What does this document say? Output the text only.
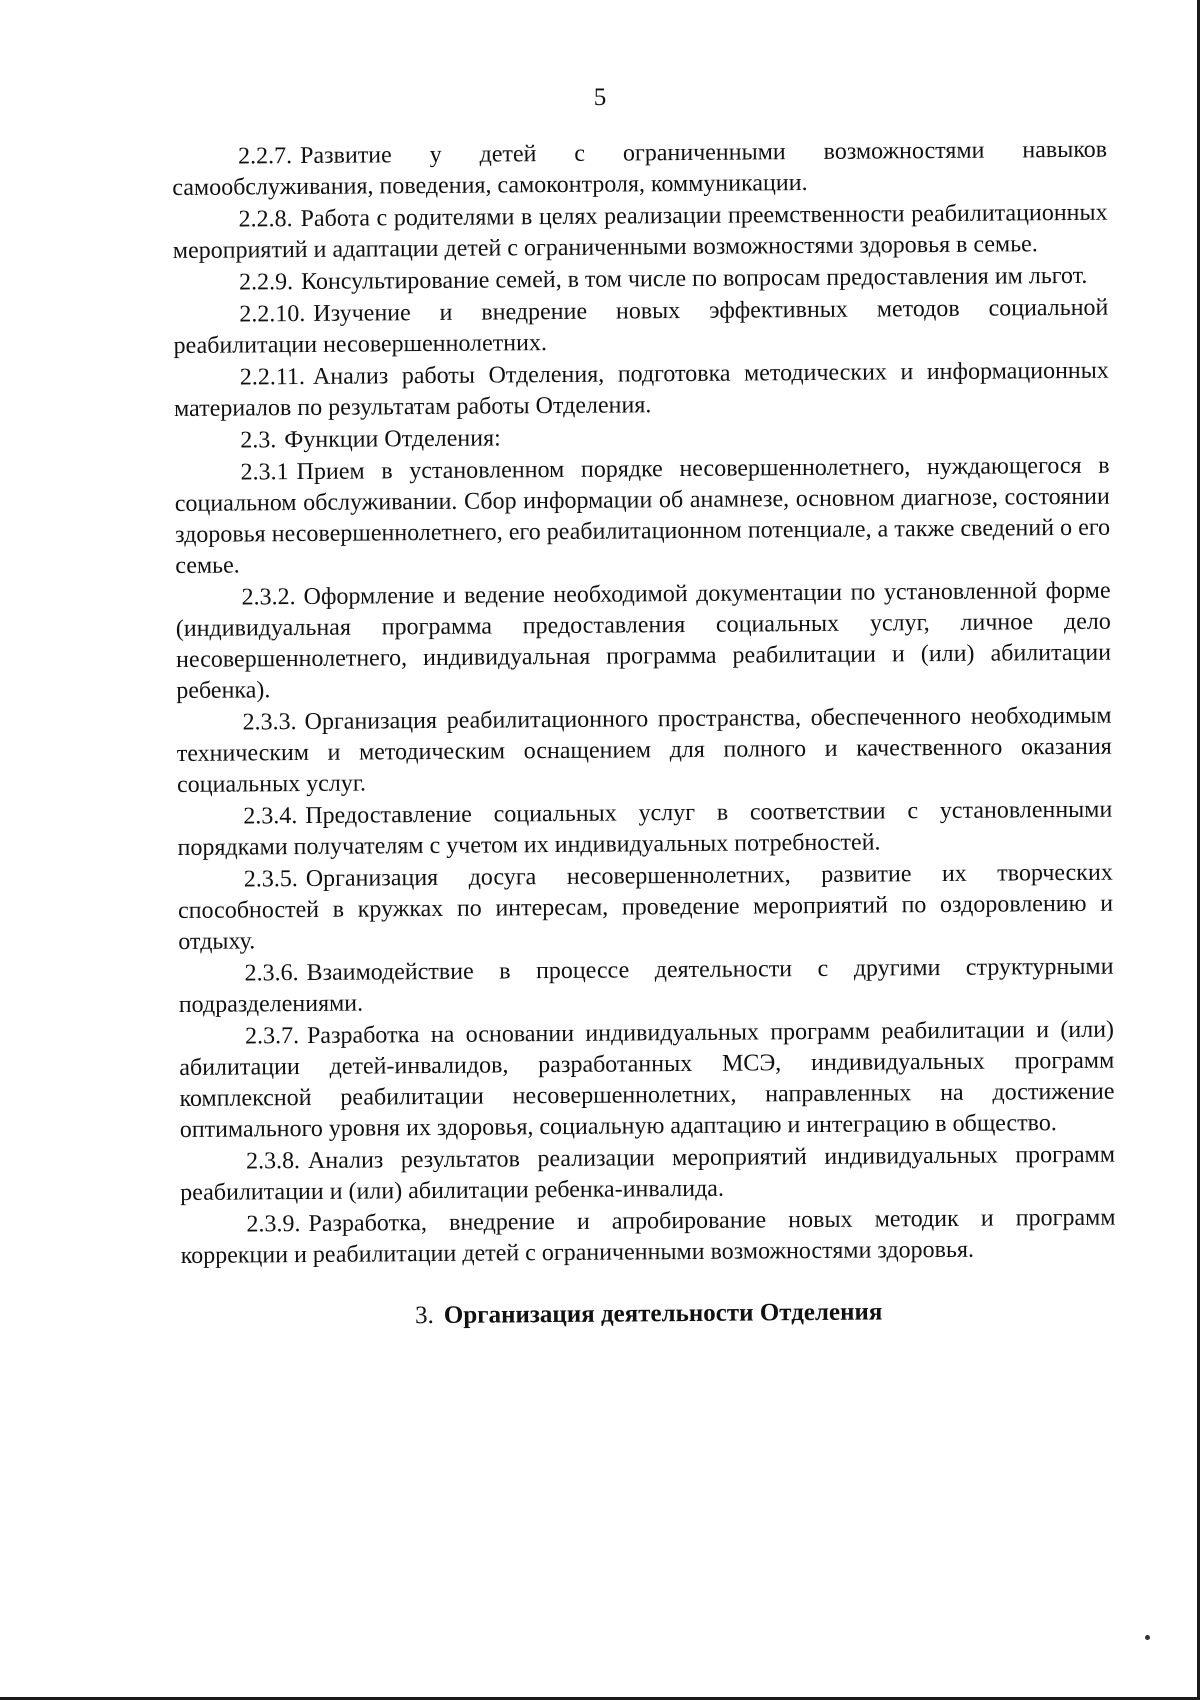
5

2.2.7. Развитие у детей с ограниченными возможностями навыков самообслуживания, поведения, самоконтроля, коммуникации.

2.2.8. Работа с родителями в целях реализации преемственности реабилитационных мероприятий и адаптации детей с ограниченными возможностями здоровья в семье.

2.2.9. Консультирование семей, в том числе по вопросам предоставления им льгот.

2.2.10. Изучение и внедрение новых эффективных методов социальной реабилитации несовершеннолетних.

2.2.11. Анализ работы Отделения, подготовка методических и информационных материалов по результатам работы Отделения.

2.3. Функции Отделения:

2.3.1 Прием в установленном порядке несовершеннолетнего, нуждающегося в социальном обслуживании. Сбор информации об анамнезе, основном диагнозе, состоянии здоровья несовершеннолетнего, его реабилитационном потенциале, а также сведений о его семье.

2.3.2. Оформление и ведение необходимой документации по установленной форме (индивидуальная программа предоставления социальных услуг, личное дело несовершеннолетнего, индивидуальная программа реабилитации и (или) абилитации ребенка).

2.3.3. Организация реабилитационного пространства, обеспеченного необходимым техническим и методическим оснащением для полного и качественного оказания социальных услуг.

2.3.4. Предоставление социальных услуг в соответствии с установленными порядками получателям с учетом их индивидуальных потребностей.

2.3.5. Организация досуга несовершеннолетних, развитие их творческих способностей в кружках по интересам, проведение мероприятий по оздоровлению и отдыху.

2.3.6. Взаимодействие в процессе деятельности с другими структурными подразделениями.

2.3.7. Разработка на основании индивидуальных программ реабилитации и (или) абилитации детей-инвалидов, разработанных МСЭ, индивидуальных программ комплексной реабилитации несовершеннолетних, направленных на достижение оптимального уровня их здоровья, социальную адаптацию и интеграцию в общество.

2.3.8. Анализ результатов реализации мероприятий индивидуальных программ реабилитации и (или) абилитации ребенка-инвалида.

2.3.9. Разработка, внедрение и апробирование новых методик и программ коррекции и реабилитации детей с ограниченными возможностями здоровья.

3. Организация деятельности Отделения
